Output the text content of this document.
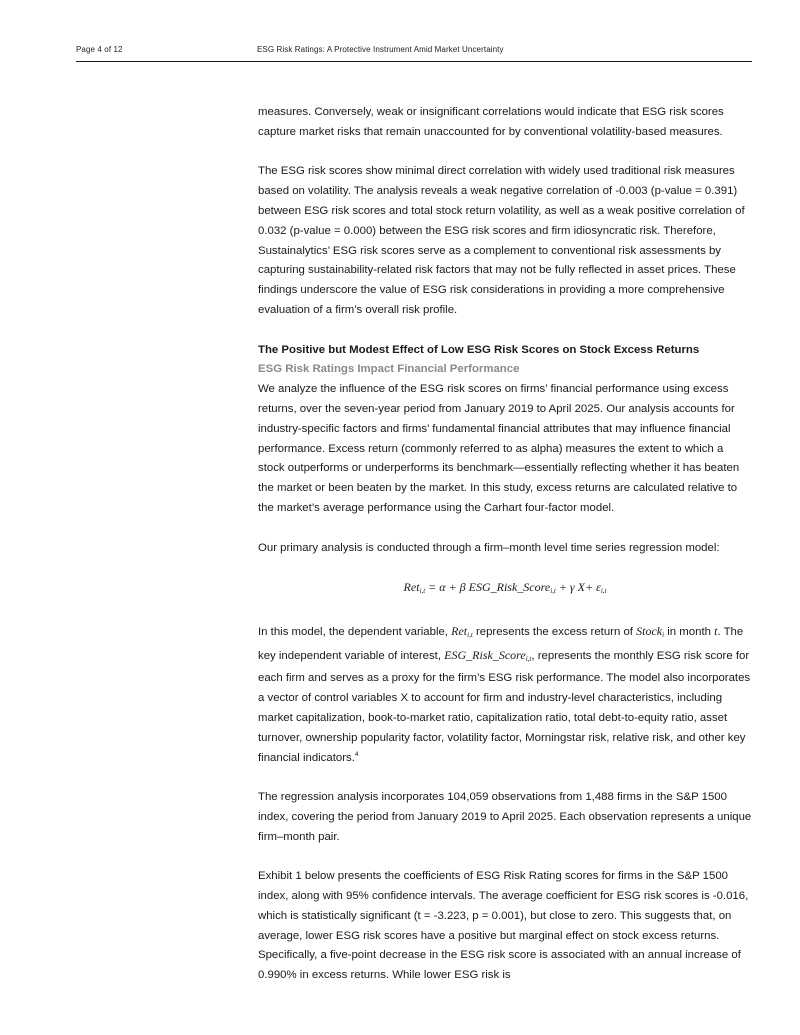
Page 4 of 12	ESG Risk Ratings: A Protective Instrument Amid Market Uncertainty

measures. Conversely, weak or insignificant correlations would indicate that ESG risk scores capture market risks that remain unaccounted for by conventional volatility-based measures.

The ESG risk scores show minimal direct correlation with widely used traditional risk measures based on volatility. The analysis reveals a weak negative correlation of -0.003 (p-value = 0.391) between ESG risk scores and total stock return volatility, as well as a weak positive correlation of 0.032 (p-value = 0.000) between the ESG risk scores and firm idiosyncratic risk. Therefore, Sustainalytics’ ESG risk scores serve as a complement to conventional risk assessments by capturing sustainability-related risk factors that may not be fully reflected in asset prices. These findings underscore the value of ESG risk considerations in providing a more comprehensive evaluation of a firm’s overall risk profile.

The Positive but Modest Effect of Low ESG Risk Scores on Stock Excess Returns
ESG Risk Ratings Impact Financial Performance

We analyze the influence of the ESG risk scores on firms’ financial performance using excess returns, over the seven-year period from January 2019 to April 2025. Our analysis accounts for industry-specific factors and firms’ fundamental financial attributes that may influence financial performance. Excess return (commonly referred to as alpha) measures the extent to which a stock outperforms or underperforms its benchmark—essentially reflecting whether it has beaten the market or been beaten by the market. In this study, excess returns are calculated relative to the market’s average performance using the Carhart four-factor model.

Our primary analysis is conducted through a firm–month level time series regression model:

Ret$_{i,t}$ = α + β ESG_Risk_Score$_{i,t}$ + γ $X+ \varepsilon_{i,t}$

In this model, the dependent variable, Ret$_{i,t}$ represents the excess return of Stock$_i$ in month t. The key independent variable of interest, ESG_Risk_Score$_{i,t}$, represents the monthly ESG risk score for each firm and serves as a proxy for the firm’s ESG risk performance. The model also incorporates a vector of control variables X to account for firm and industry-level characteristics, including market capitalization, book-to-market ratio, capitalization ratio, total debt-to-equity ratio, asset turnover, ownership popularity factor, volatility factor, Morningstar risk, relative risk, and other key financial indicators.$^4$

The regression analysis incorporates 104,059 observations from 1,488 firms in the S&P 1500 index, covering the period from January 2019 to April 2025. Each observation represents a unique firm–month pair.

Exhibit 1 below presents the coefficients of ESG Risk Rating scores for firms in the S&P 1500 index, along with 95% confidence intervals. The average coefficient for ESG risk scores is -0.016, which is statistically significant (t = -3.223, p = 0.001), but close to zero. This suggests that, on average, lower ESG risk scores have a positive but marginal effect on stock excess returns. Specifically, a five-point decrease in the ESG risk score is associated with an annual increase of 0.990% in excess returns. While lower ESG risk is
